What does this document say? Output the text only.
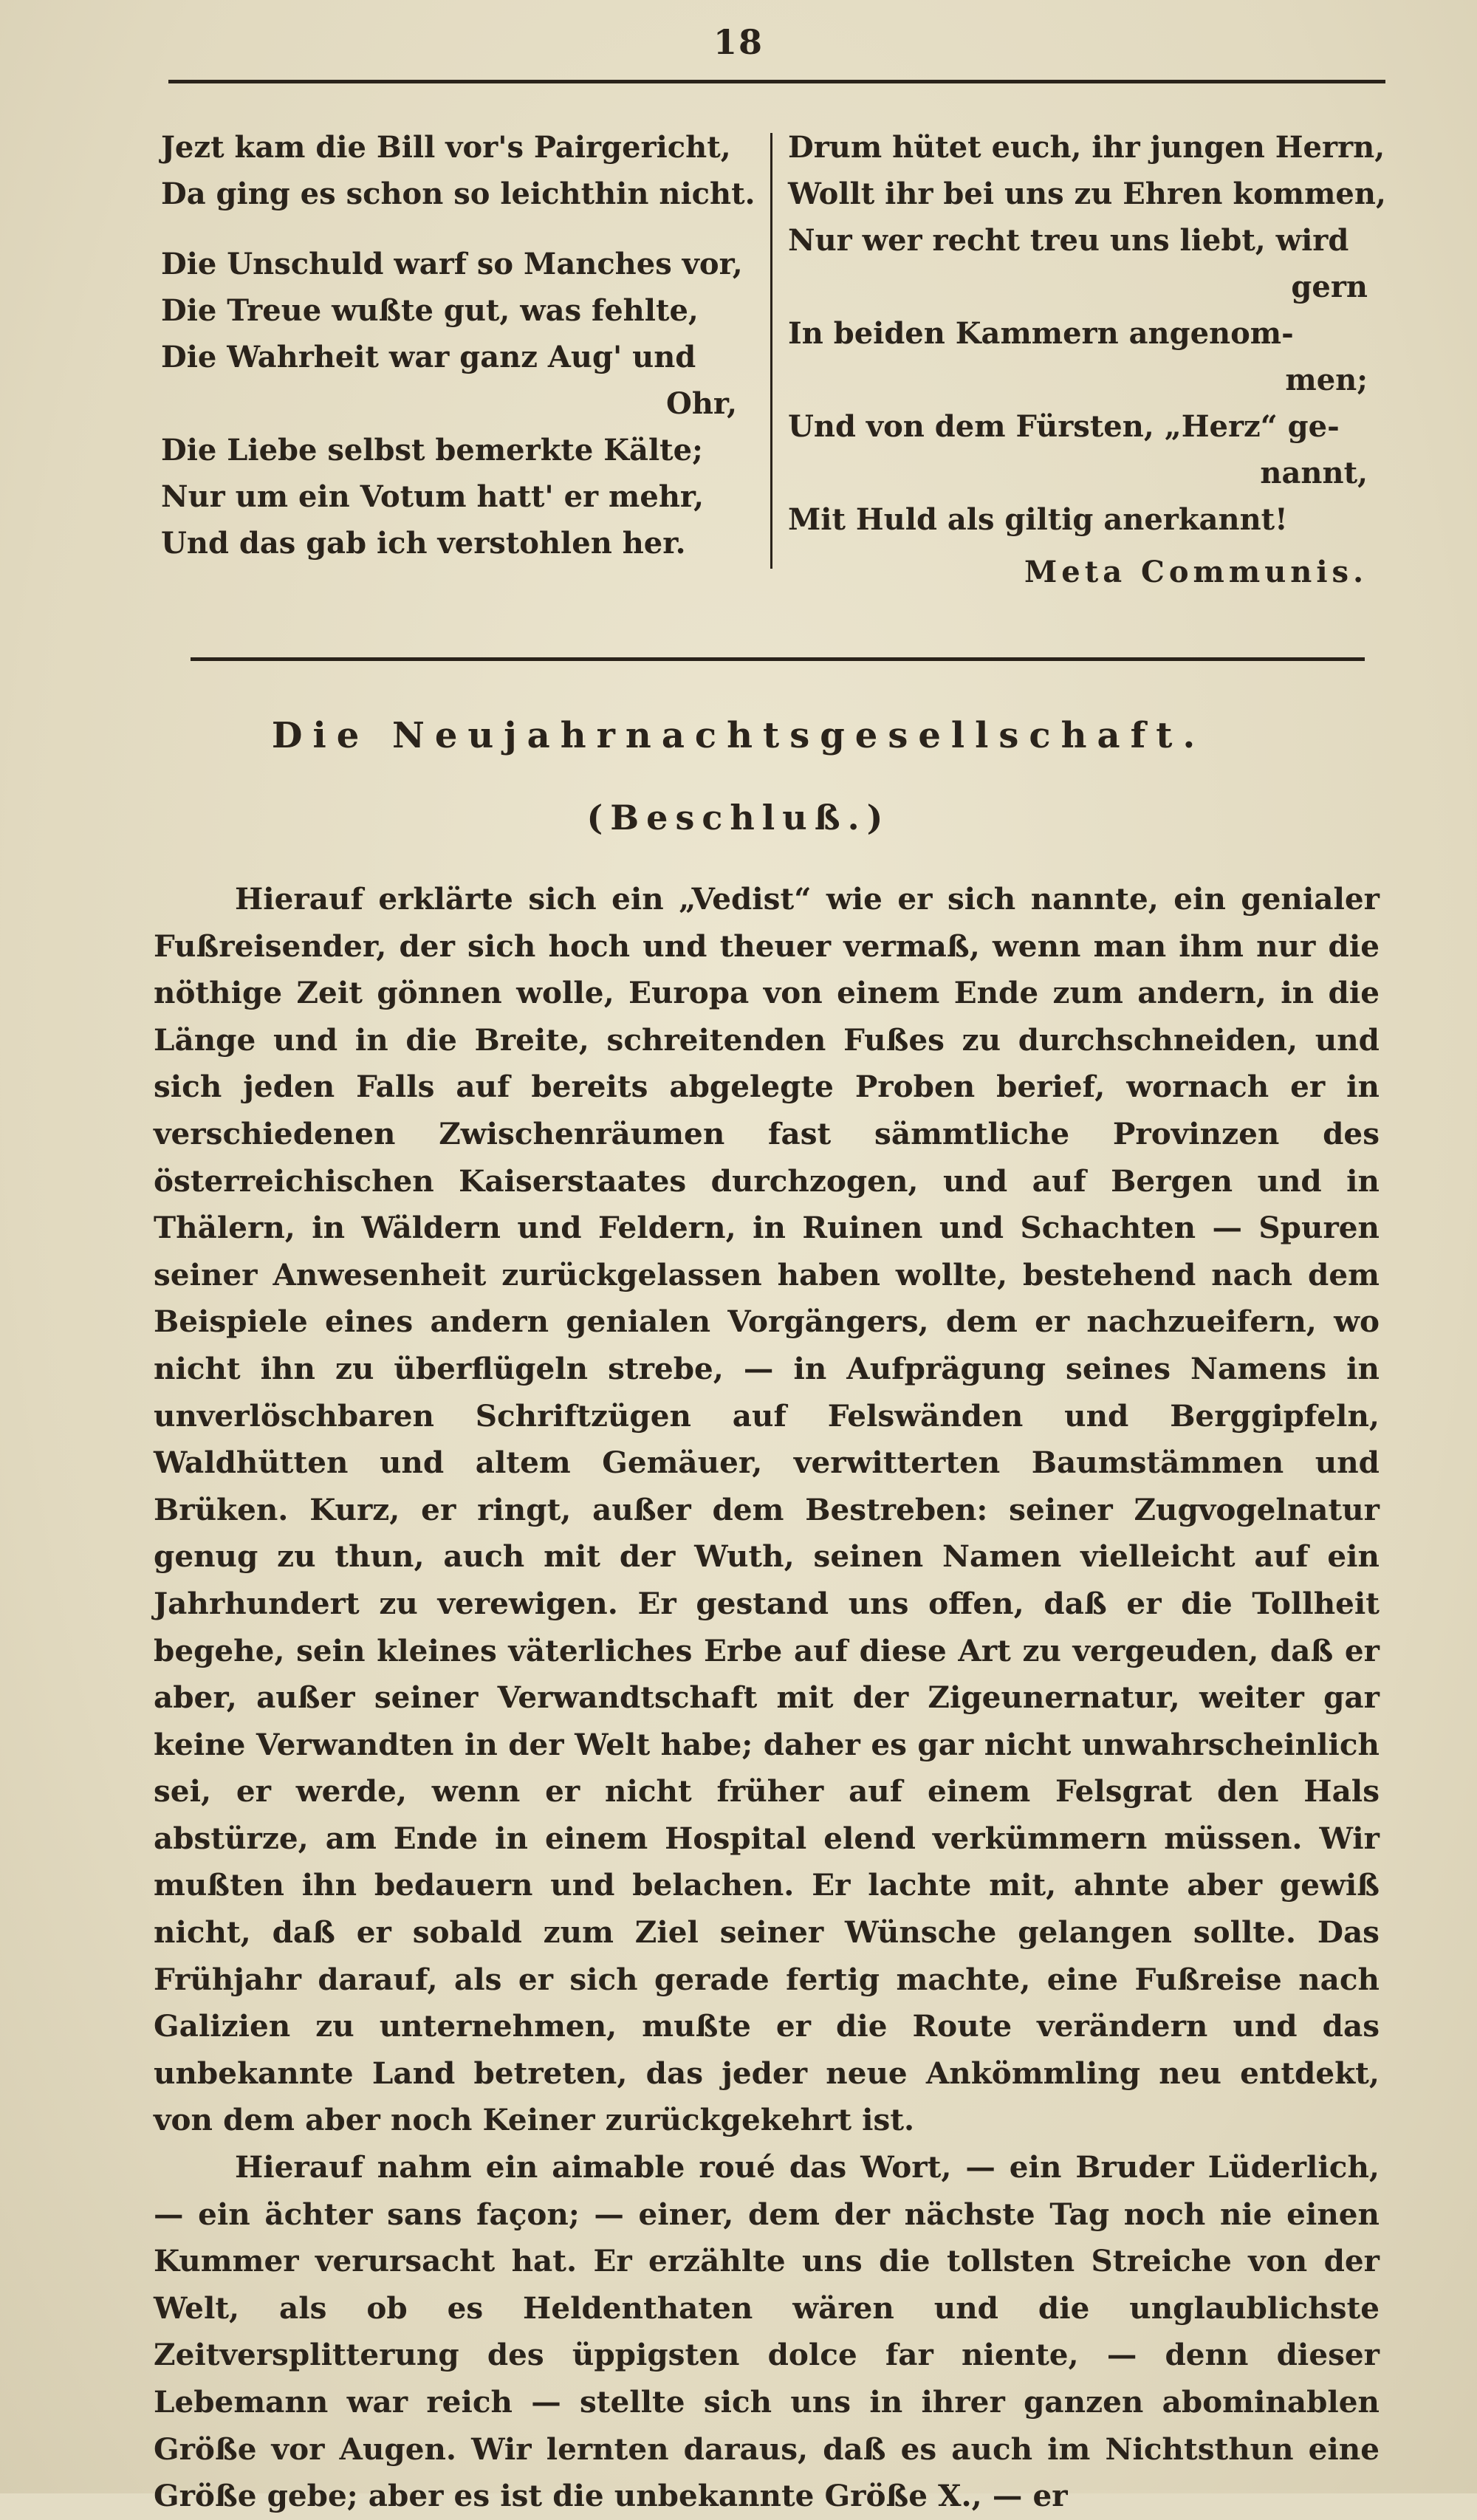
18
Jezt kam die Bill vor's Pairgericht,
Da ging es schon so leichthin nicht.
Die Unschuld warf so Manches vor,
Die Treue wußte gut, was fehlte,
Die Wahrheit war ganz Aug' und
Ohr,
Die Liebe selbst bemerkte Kälte;
Nur um ein Votum hatt' er mehr,
Und das gab ich verstohlen her.
Drum hütet euch, ihr jungen Herrn,
Wollt ihr bei uns zu Ehren kommen,
Nur wer recht treu uns liebt, wird
gern
In beiden Kammern angenom-
men;
Und von dem Fürsten, „Herz“ ge-
nannt,
Mit Huld als giltig anerkannt!
Meta Communis.
Die Neujahrnachtsgesellschaft.
(Beschluß.)

Hierauf erklärte sich ein „Vedist“ wie er sich nannte, ein genialer Fußreisender, der sich hoch und theuer vermaß, wenn man ihm nur die nöthige Zeit gönnen wolle, Europa von einem Ende zum andern, in die Länge und in die Breite, schreitenden Fußes zu durchschneiden, und sich jeden Falls auf bereits abgelegte Proben berief, wornach er in verschiedenen Zwischenräumen fast sämmtliche Provinzen des österreichischen Kaiserstaates durchzogen, und auf Bergen und in Thälern, in Wäldern und Feldern, in Ruinen und Schachten — Spuren seiner Anwesenheit zurückgelassen haben wollte, bestehend nach dem Beispiele eines andern genialen Vorgängers, dem er nachzueifern, wo nicht ihn zu überflügeln strebe, — in Aufprägung seines Namens in unverlöschbaren Schriftzügen auf Felswänden und Berggipfeln, Waldhütten und altem Gemäuer, verwitterten Baumstämmen und Brüken. Kurz, er ringt, außer dem Bestreben: seiner Zugvogelnatur genug zu thun, auch mit der Wuth, seinen Namen vielleicht auf ein Jahrhundert zu verewigen. Er gestand uns offen, daß er die Tollheit begehe, sein kleines väterliches Erbe auf diese Art zu vergeuden, daß er aber, außer seiner Verwandtschaft mit der Zigeunernatur, weiter gar keine Verwandten in der Welt habe; daher es gar nicht unwahrscheinlich sei, er werde, wenn er nicht früher auf einem Felsgrat den Hals abstürze, am Ende in einem Hospital elend verkümmern müssen. Wir mußten ihn bedauern und belachen. Er lachte mit, ahnte aber gewiß nicht, daß er sobald zum Ziel seiner Wünsche gelangen sollte. Das Frühjahr darauf, als er sich gerade fertig machte, eine Fußreise nach Galizien zu unternehmen, mußte er die Route verändern und das unbekannte Land betreten, das jeder neue Ankömmling neu entdekt, von dem aber noch Keiner zurückgekehrt ist.

Hierauf nahm ein aimable roué das Wort, — ein Bruder Lüderlich, — ein ächter sans façon; — einer, dem der nächste Tag noch nie einen Kummer verursacht hat. Er erzählte uns die tollsten Streiche von der Welt, als ob es Heldenthaten wären und die unglaublichste Zeitversplitterung des üppigsten dolce far niente, — denn dieser Lebemann war reich — stellte sich uns in ihrer ganzen abominablen Größe vor Augen. Wir lernten daraus, daß es auch im Nichtsthun eine Größe gebe; aber es ist die unbekannte Größe X., — er
